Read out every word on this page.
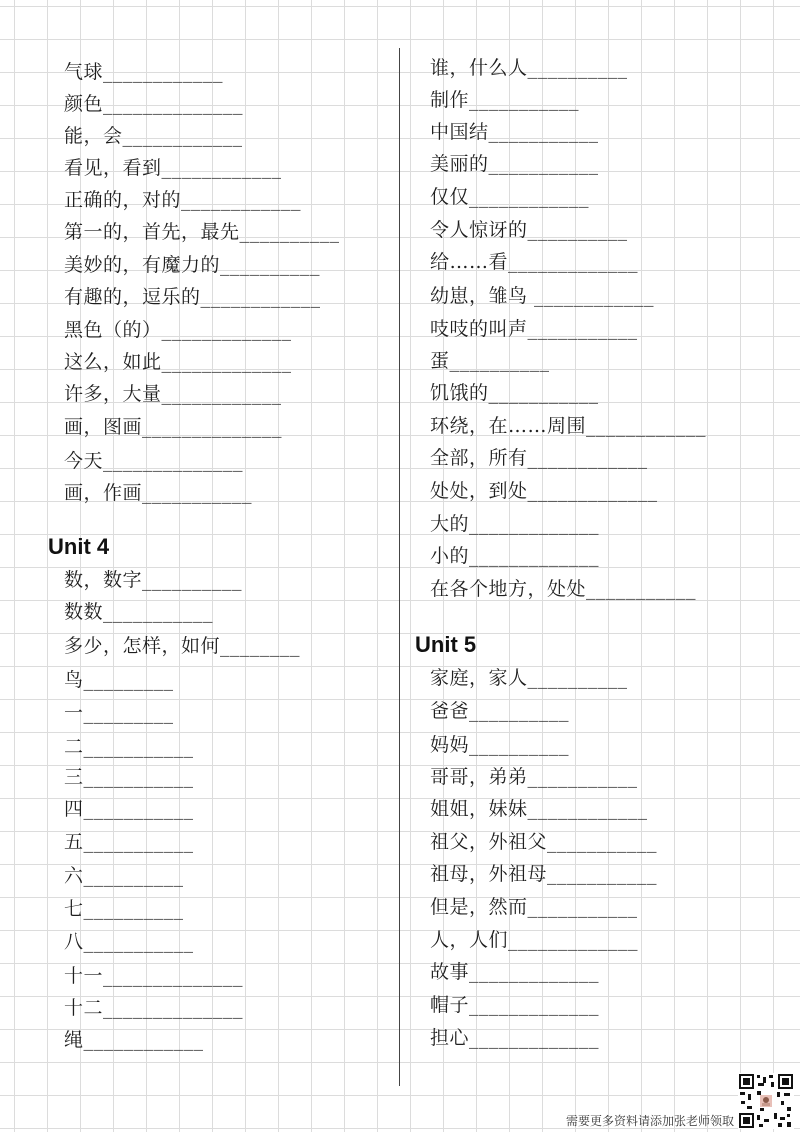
气球____________
颜色______________
能，会____________
看见，看到____________
正确的，对的____________
第一的，首先，最先__________
美妙的，有魔力的__________
有趣的，逗乐的____________
黑色（的）_____________
这么，如此_____________
许多，大量____________
画，图画______________
今天______________
画，作画___________
Unit 4
数，数字__________
数数___________
多少，怎样，如何________
鸟_________
一_________
二___________
三___________
四___________
五___________
六__________
七__________
八___________
十一______________
十二______________
绳____________
谁，什么人__________
制作___________
中国结___________
美丽的___________
仅仅____________
令人惊讶的__________
给……看_____________
幼崽，雏鸟 ____________
吱吱的叫声___________
蛋__________
饥饿的___________
环绕，在……周围____________
全部，所有____________
处处，到处_____________
大的_____________
小的_____________
在各个地方，处处___________
Unit 5
家庭，家人__________
爸爸__________
妈妈__________
哥哥，弟弟___________
姐姐，妹妹____________
祖父，外祖父___________
祖母，外祖母___________
但是，然而___________
人，人们_____________
故事_____________
帽子_____________
担心_____________
需要更多资料请添加张老师领取
